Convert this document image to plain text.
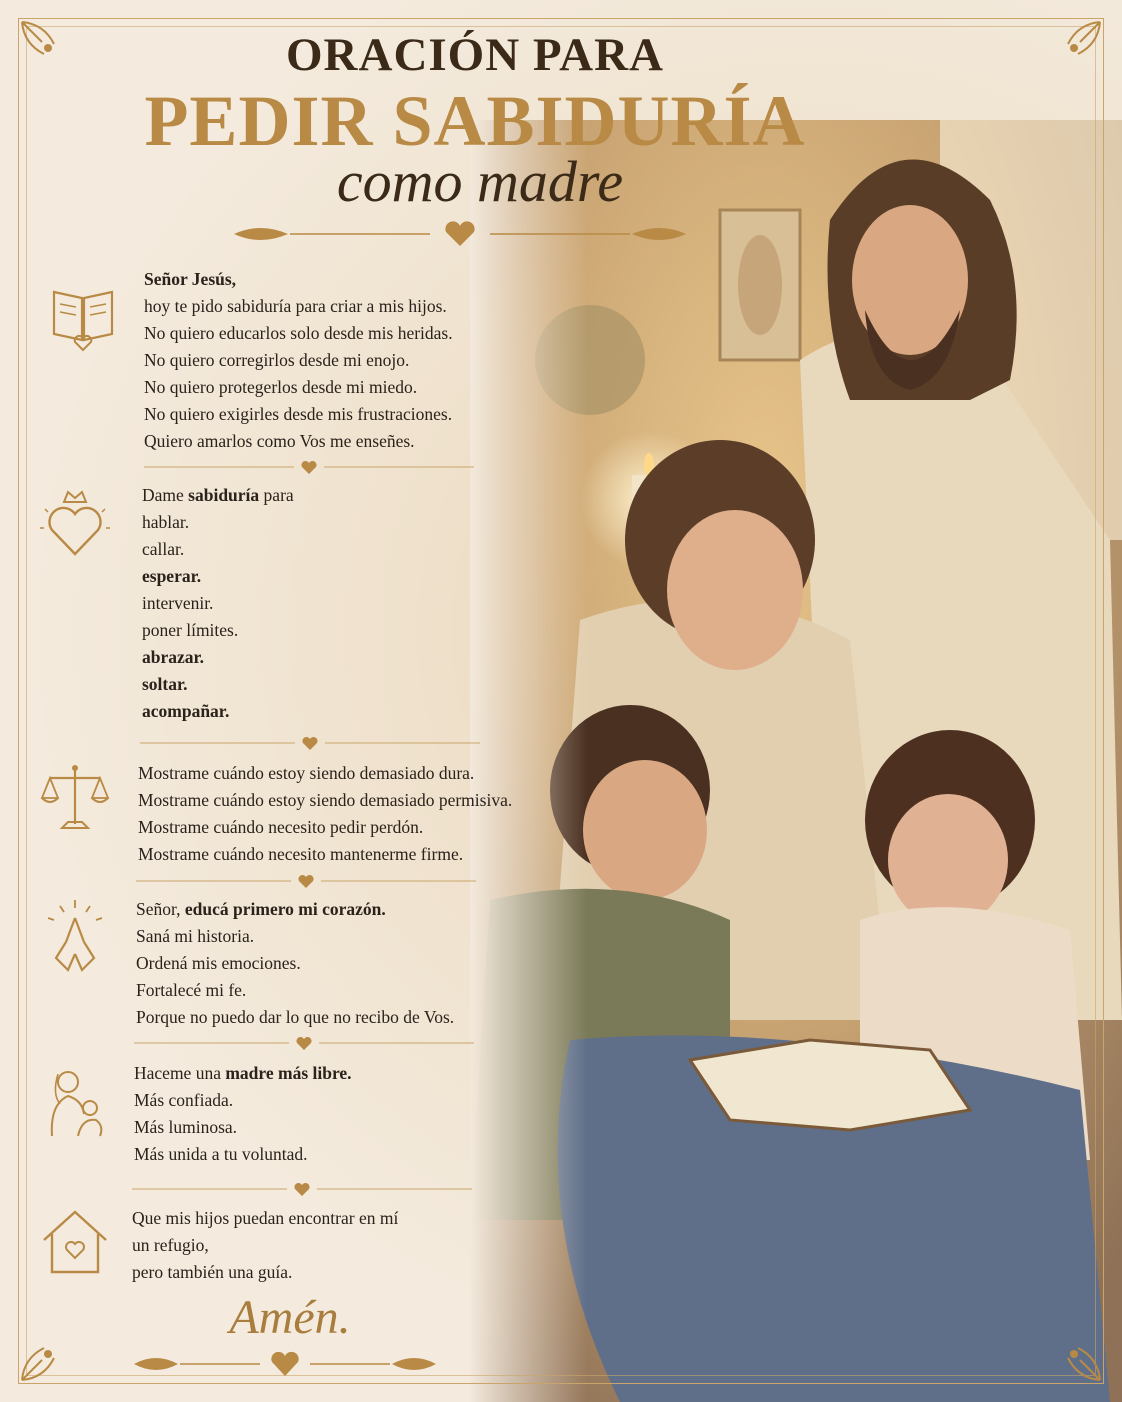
ORACIÓN PARA
PEDIR SABIDURÍA
como madre
Señor Jesús,
hoy te pido sabiduría para criar a mis hijos.
No quiero educarlos solo desde mis heridas.
No quiero corregirlos desde mi enojo.
No quiero protegerlos desde mi miedo.
No quiero exigirles desde mis frustraciones.
Quiero amarlos como Vos me enseñes.
Dame sabiduría para
hablar.
callar.
esperar.
intervenir.
poner límites.
abrazar.
soltar.
acompañar.
Mostrame cuándo estoy siendo demasiado dura.
Mostrame cuándo estoy siendo demasiado permisiva.
Mostrame cuándo necesito pedir perdón.
Mostrame cuándo necesito mantenerme firme.
Señor, educá primero mi corazón.
Saná mi historia.
Ordená mis emociones.
Fortalecé mi fe.
Porque no puedo dar lo que no recibo de Vos.
Haceme una madre más libre.
Más confiada.
Más luminosa.
Más unida a tu voluntad.
Que mis hijos puedan encontrar en mí
un refugio,
pero también una guía.
Amén.
